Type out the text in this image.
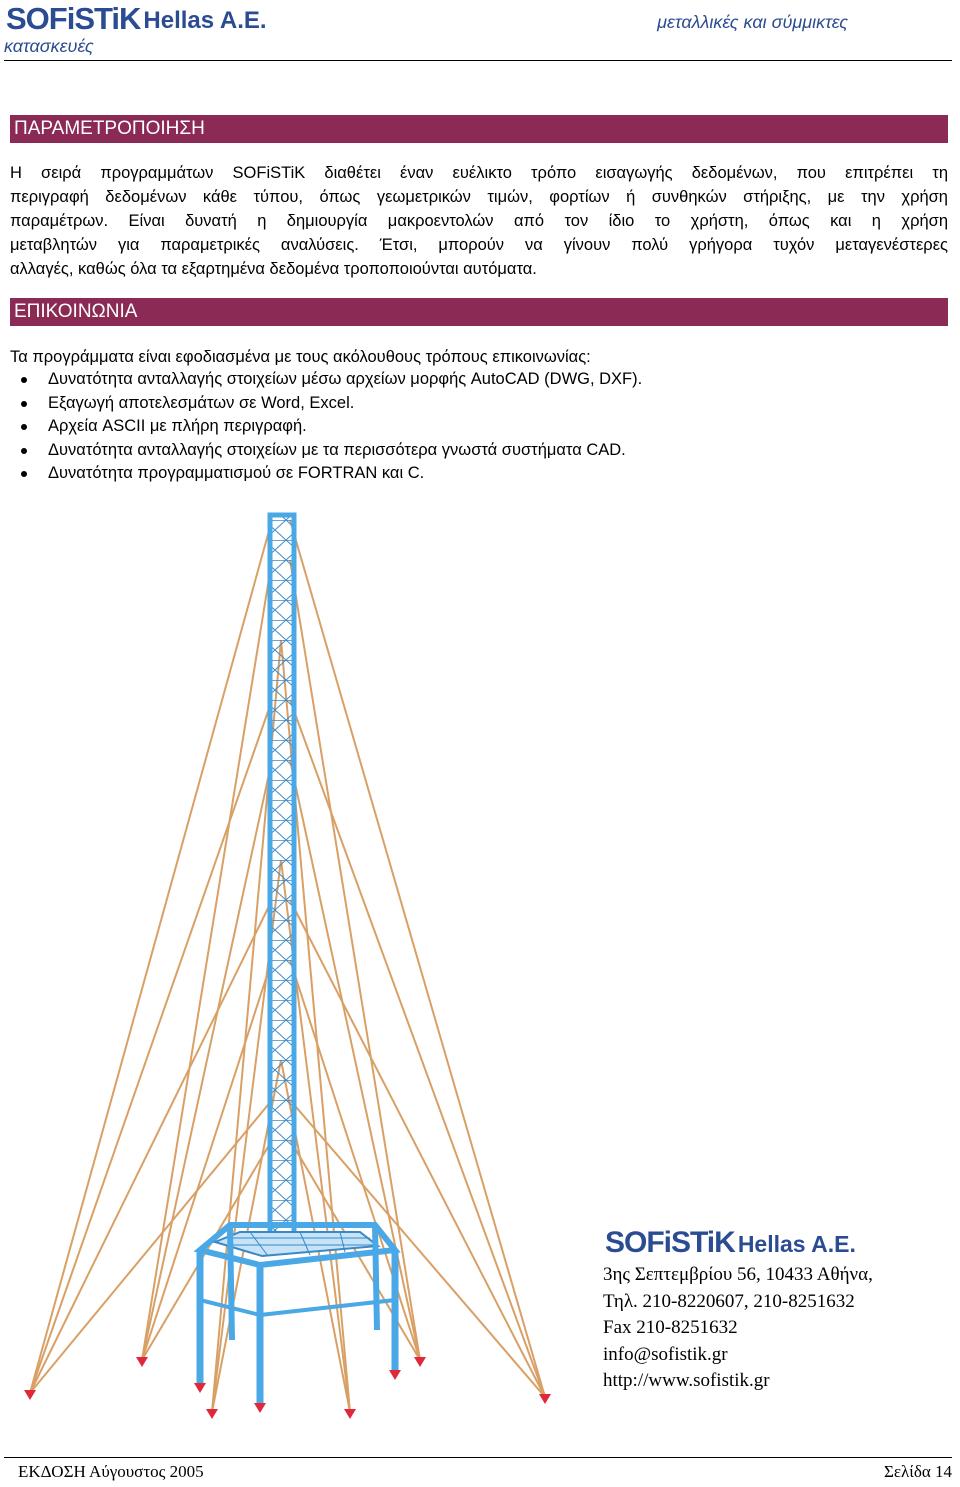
SOFiSTiK Hellas A.E.	μεταλλικές και σύμμικτες
κατασκευές
ΠΑΡΑΜΕΤΡΟΠΟΙΗΣΗ
Η σειρά προγραμμάτων SOFiSTiK διαθέτει έναν ευέλικτο τρόπο εισαγωγής δεδομένων, που επιτρέπει τη
περιγραφή δεδομένων κάθε τύπου, όπως γεωμετρικών τιμών, φορτίων ή συνθηκών στήριξης, με την χρήση
παραμέτρων. Είναι δυνατή η δημιουργία μακροεντολών από τον ίδιο το χρήστη, όπως και η χρήση
μεταβλητών για παραμετρικές αναλύσεις. Έτσι, μπορούν να γίνουν πολύ γρήγορα τυχόν μεταγενέστερες
αλλαγές, καθώς όλα τα εξαρτημένα δεδομένα τροποποιούνται αυτόματα.
ΕΠΙΚΟΙΝΩΝΙΑ
Τα προγράμματα είναι εφοδιασμένα με τους ακόλουθους τρόπους επικοινωνίας:
Δυνατότητα ανταλλαγής στοιχείων μέσω αρχείων μορφής AutoCAD (DWG, DXF).
Εξαγωγή αποτελεσμάτων σε Word, Excel.
Αρχεία ASCII με πλήρη περιγραφή.
Δυνατότητα ανταλλαγής στοιχείων με τα περισσότερα γνωστά συστήματα CAD.
Δυνατότητα προγραμματισμού σε FORTRAN και C.
SOFiSTiK Hellas A.E.
3ης Σεπτεμβρίου 56, 10433 Αθήνα,
Τηλ. 210-8220607, 210-8251632
Fax 210-8251632
info@sofistik.gr
http://www.sofistik.gr
ΕΚΔΟΣΗ Αύγουστος 2005	Σελίδα 14
